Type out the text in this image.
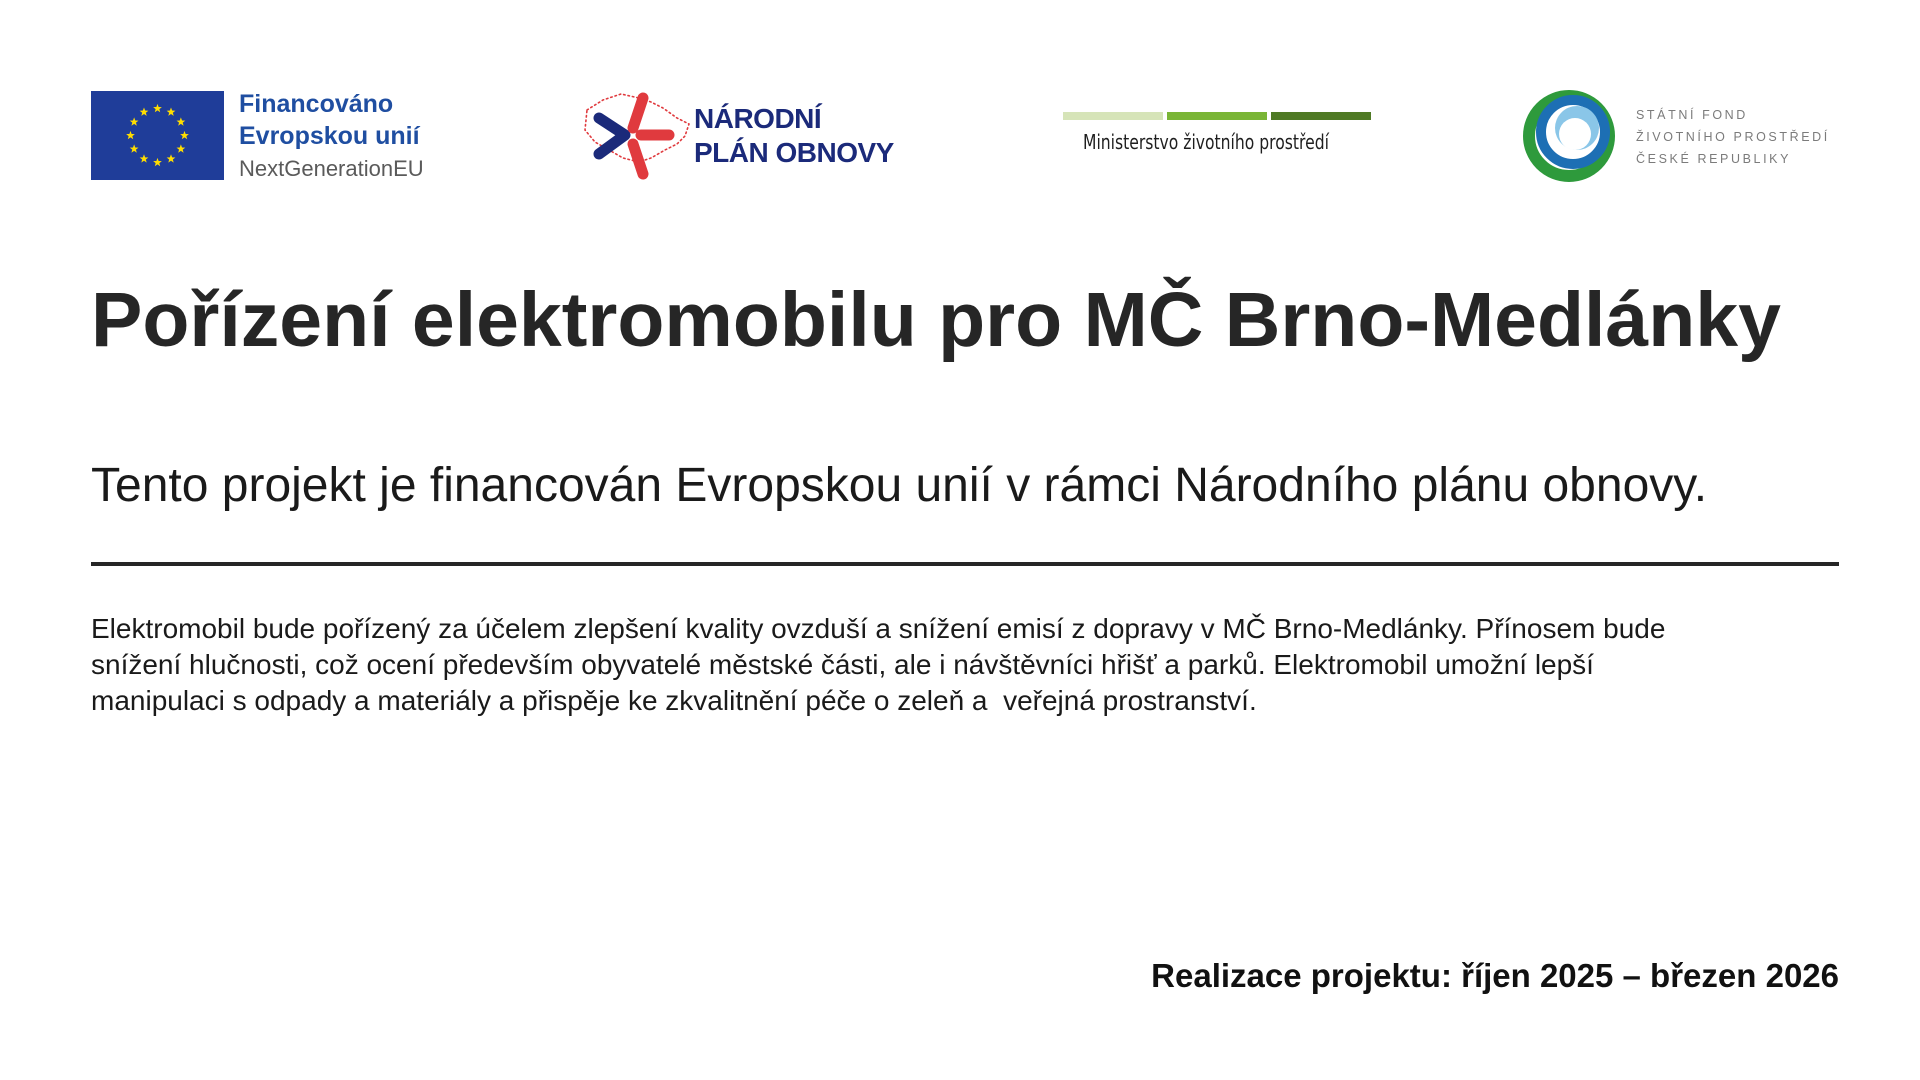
Financováno
Evropskou unií
NextGenerationEU
NÁRODNÍ
PLÁN OBNOVY	Ministerstvo životního prostředí
STÁTNÍ FOND
ŽIVOTNÍHO PROSTŘEDÍ
ČESKÉ REPUBLIKY
Pořízení elektromobilu pro MČ Brno-Medlánky
Tento projekt je financován Evropskou unií v rámci Národního plánu obnovy.

Elektromobil bude pořízený za účelem zlepšení kvality ovzduší a snížení emisí z dopravy v MČ Brno-Medlánky. Přínosem bude
snížení hlučnosti, což ocení především obyvatelé městské části, ale i návštěvníci hřišť a parků. Elektromobil umožní lepší
manipulaci s odpady a materiály a přispěje ke zkvalitnění péče o zeleň a  veřejná prostranství.

Realizace projektu: říjen 2025 – březen 2026
